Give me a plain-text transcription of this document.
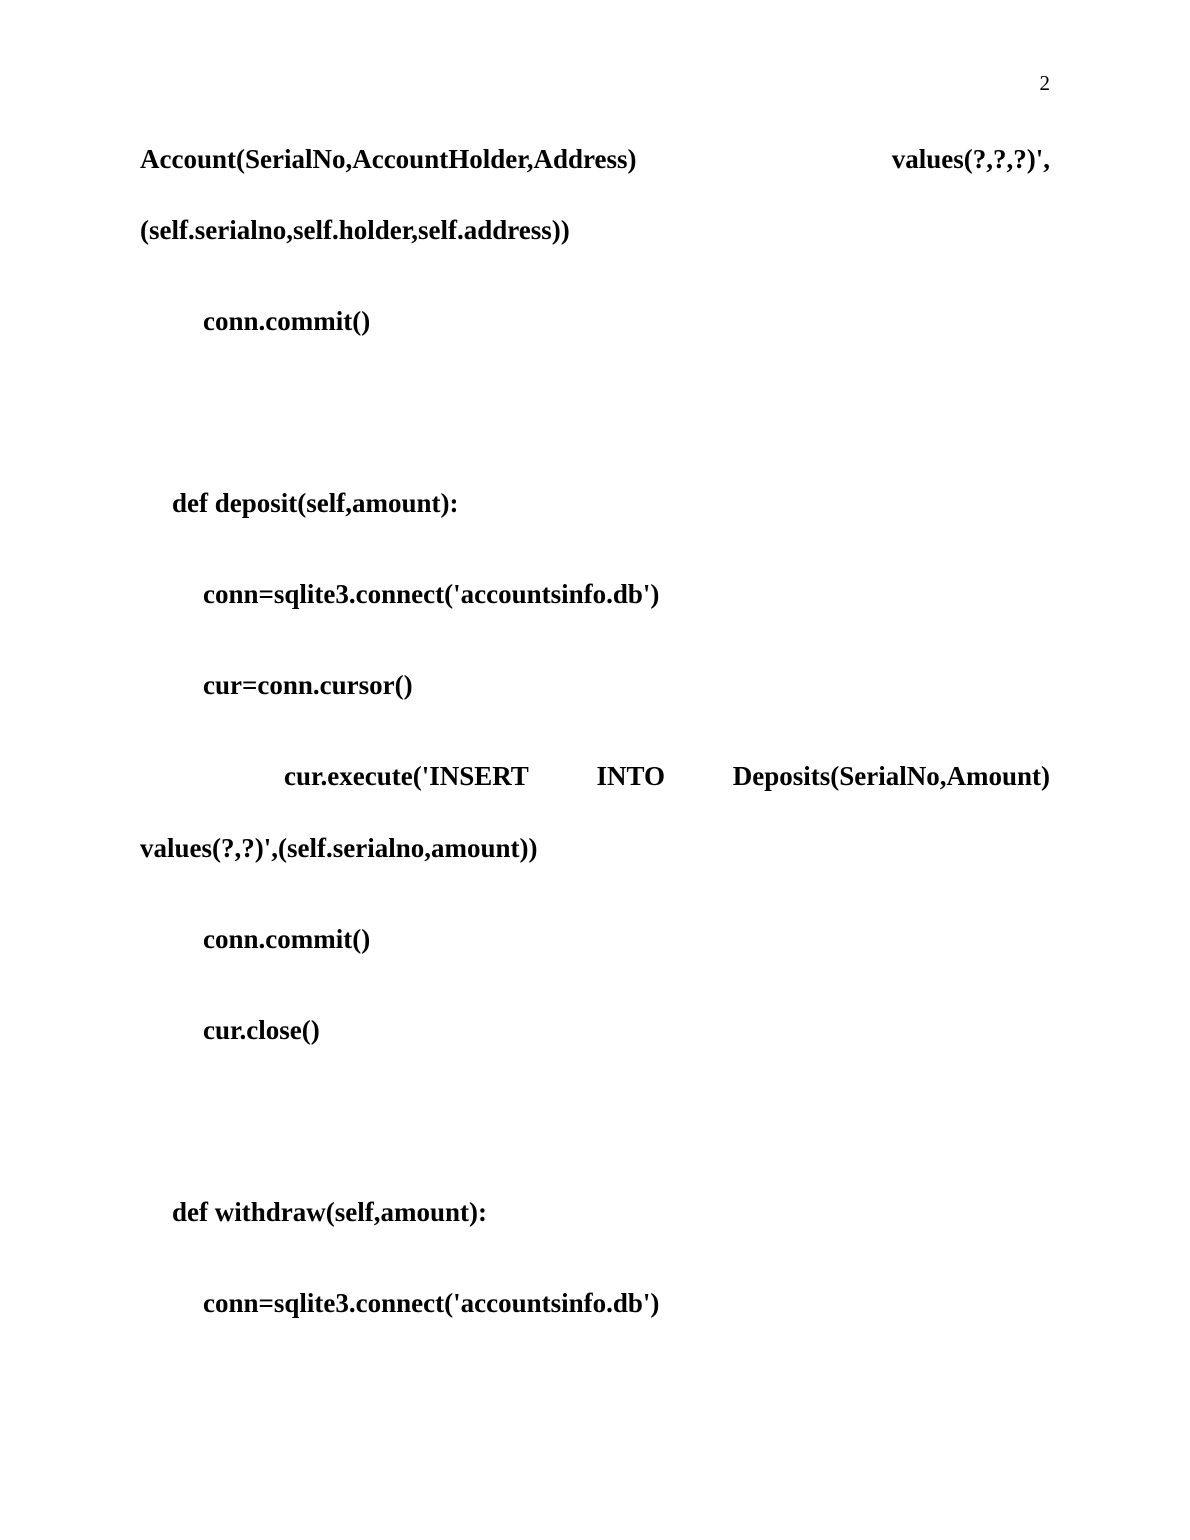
2
Account(SerialNo,AccountHolder,Address)	values(?,?,?)',
(self.serialno,self.holder,self.address))
conn.commit()
def deposit(self,amount):
conn=sqlite3.connect('accountsinfo.db')
cur=conn.cursor()
cur.execute('INSERT	INTO	Deposits(SerialNo,Amount)
values(?,?)',(self.serialno,amount))
conn.commit()
cur.close()
def withdraw(self,amount):
conn=sqlite3.connect('accountsinfo.db')
